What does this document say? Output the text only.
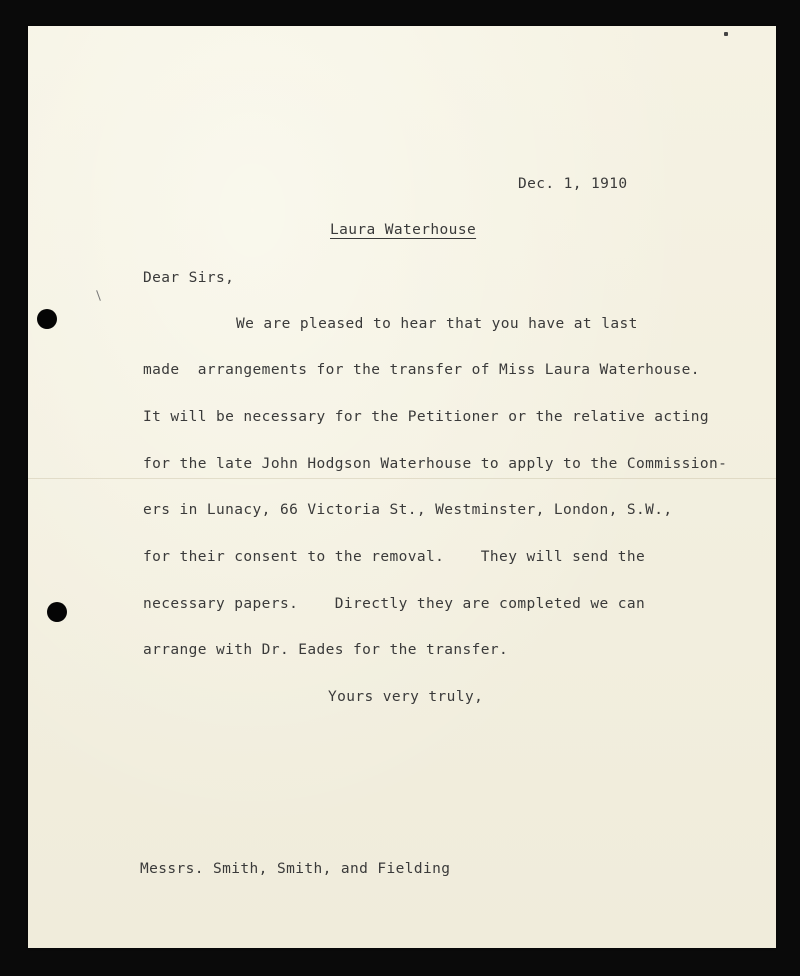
Dec. 1, 1910
Laura Waterhouse
Dear Sirs,
We are pleased to hear that you have at last
made  arrangements for the transfer of Miss Laura Waterhouse.
It will be necessary for the Petitioner or the relative acting
for the late John Hodgson Waterhouse to apply to the Commission-
ers in Lunacy, 66 Victoria St., Westminster, London, S.W.,
for their consent to the removal.    They will send the
necessary papers.    Directly they are completed we can
arrange with Dr. Eades for the transfer.
Yours very truly,
Messrs. Smith, Smith, and Fielding
